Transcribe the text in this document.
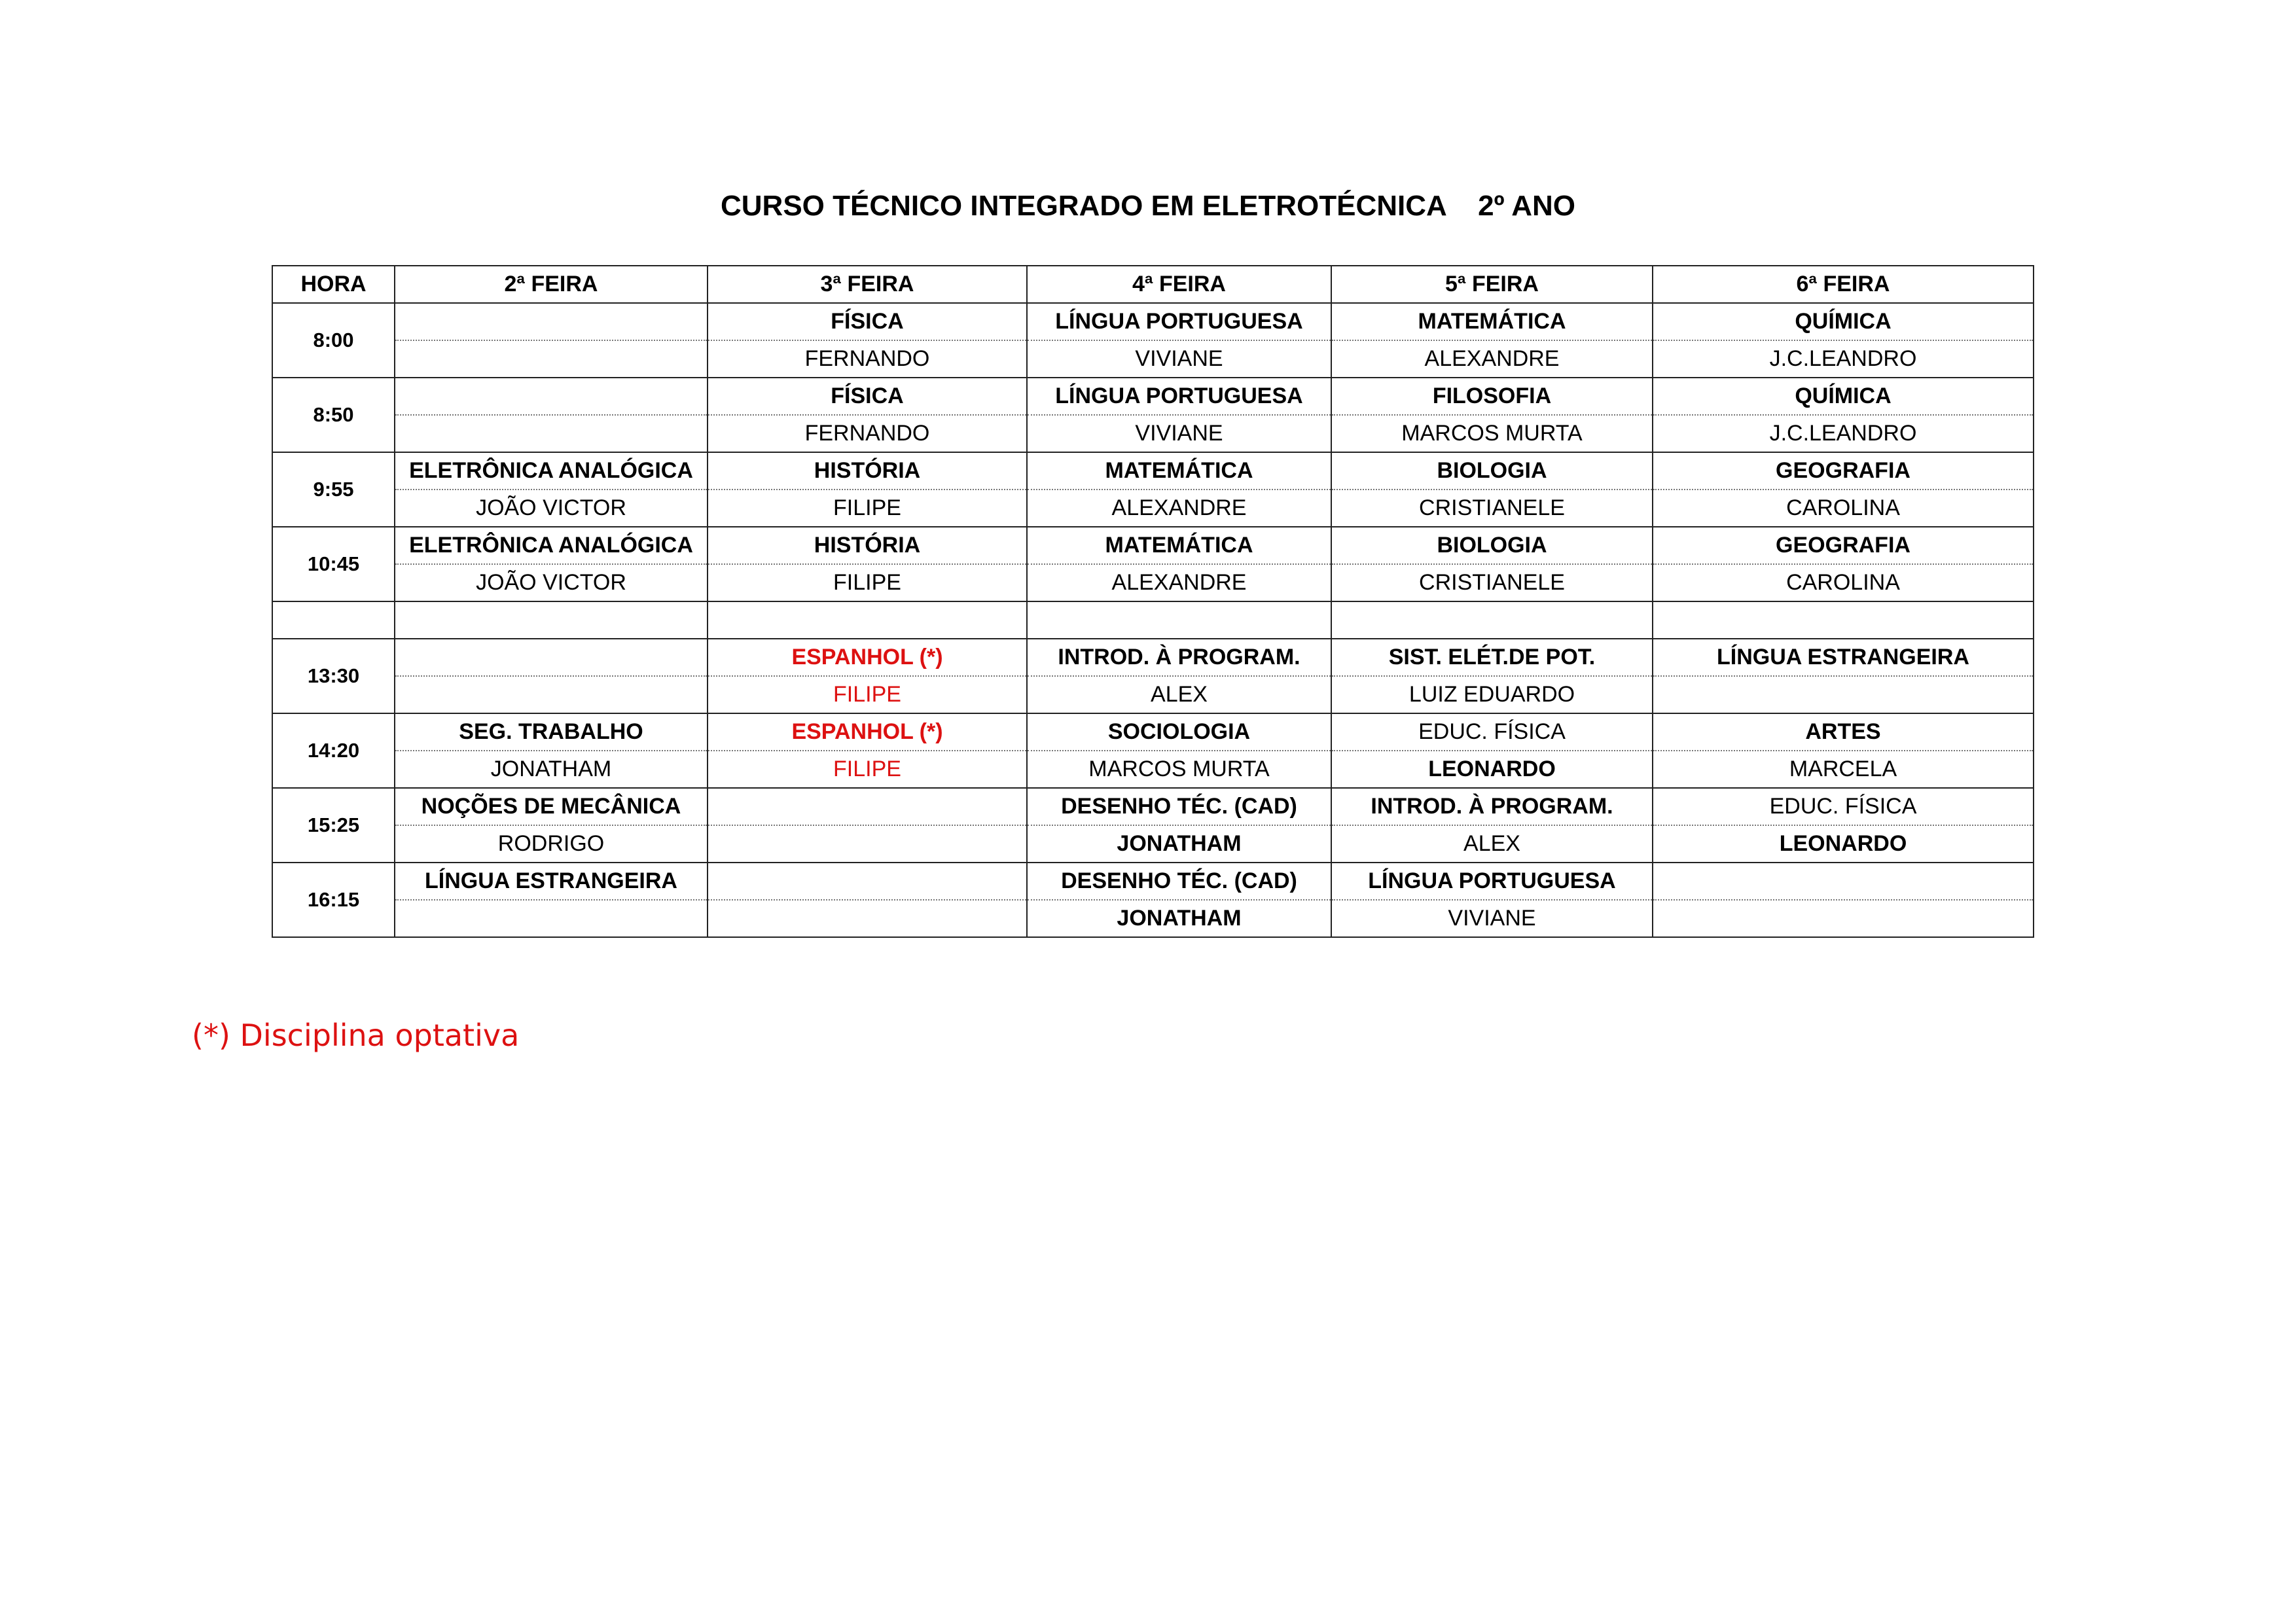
CURSO TÉCNICO INTEGRADO EM ELETROTÉCNICA    2º ANO
HORA	2ª FEIRA	3ª FEIRA	4ª FEIRA	5ª FEIRA	6ª FEIRA
8:00		FÍSICA	LÍNGUA PORTUGUESA	MATEMÁTICA	QUÍMICA
		FERNANDO	VIVIANE	ALEXANDRE	J.C.LEANDRO
8:50		FÍSICA	LÍNGUA PORTUGUESA	FILOSOFIA	QUÍMICA
		FERNANDO	VIVIANE	MARCOS MURTA	J.C.LEANDRO
9:55	ELETRÔNICA ANALÓGICA	HISTÓRIA	MATEMÁTICA	BIOLOGIA	GEOGRAFIA
	JOÃO VICTOR	FILIPE	ALEXANDRE	CRISTIANELE	CAROLINA
10:45	ELETRÔNICA ANALÓGICA	HISTÓRIA	MATEMÁTICA	BIOLOGIA	GEOGRAFIA
	JOÃO VICTOR	FILIPE	ALEXANDRE	CRISTIANELE	CAROLINA

13:30		ESPANHOL (*)	INTROD. À PROGRAM.	SIST. ELÉT.DE POT.	LÍNGUA ESTRANGEIRA
		FILIPE	ALEX	LUIZ EDUARDO	
14:20	SEG. TRABALHO	ESPANHOL (*)	SOCIOLOGIA	EDUC. FÍSICA	ARTES
	JONATHAM	FILIPE	MARCOS MURTA	LEONARDO	MARCELA
15:25	NOÇÕES DE MECÂNICA		DESENHO TÉC. (CAD)	INTROD. À PROGRAM.	EDUC. FÍSICA
	RODRIGO		JONATHAM	ALEX	LEONARDO
16:15	LÍNGUA ESTRANGEIRA		DESENHO TÉC. (CAD)	LÍNGUA PORTUGUESA	
			JONATHAM	VIVIANE	
(*) Disciplina optativa
